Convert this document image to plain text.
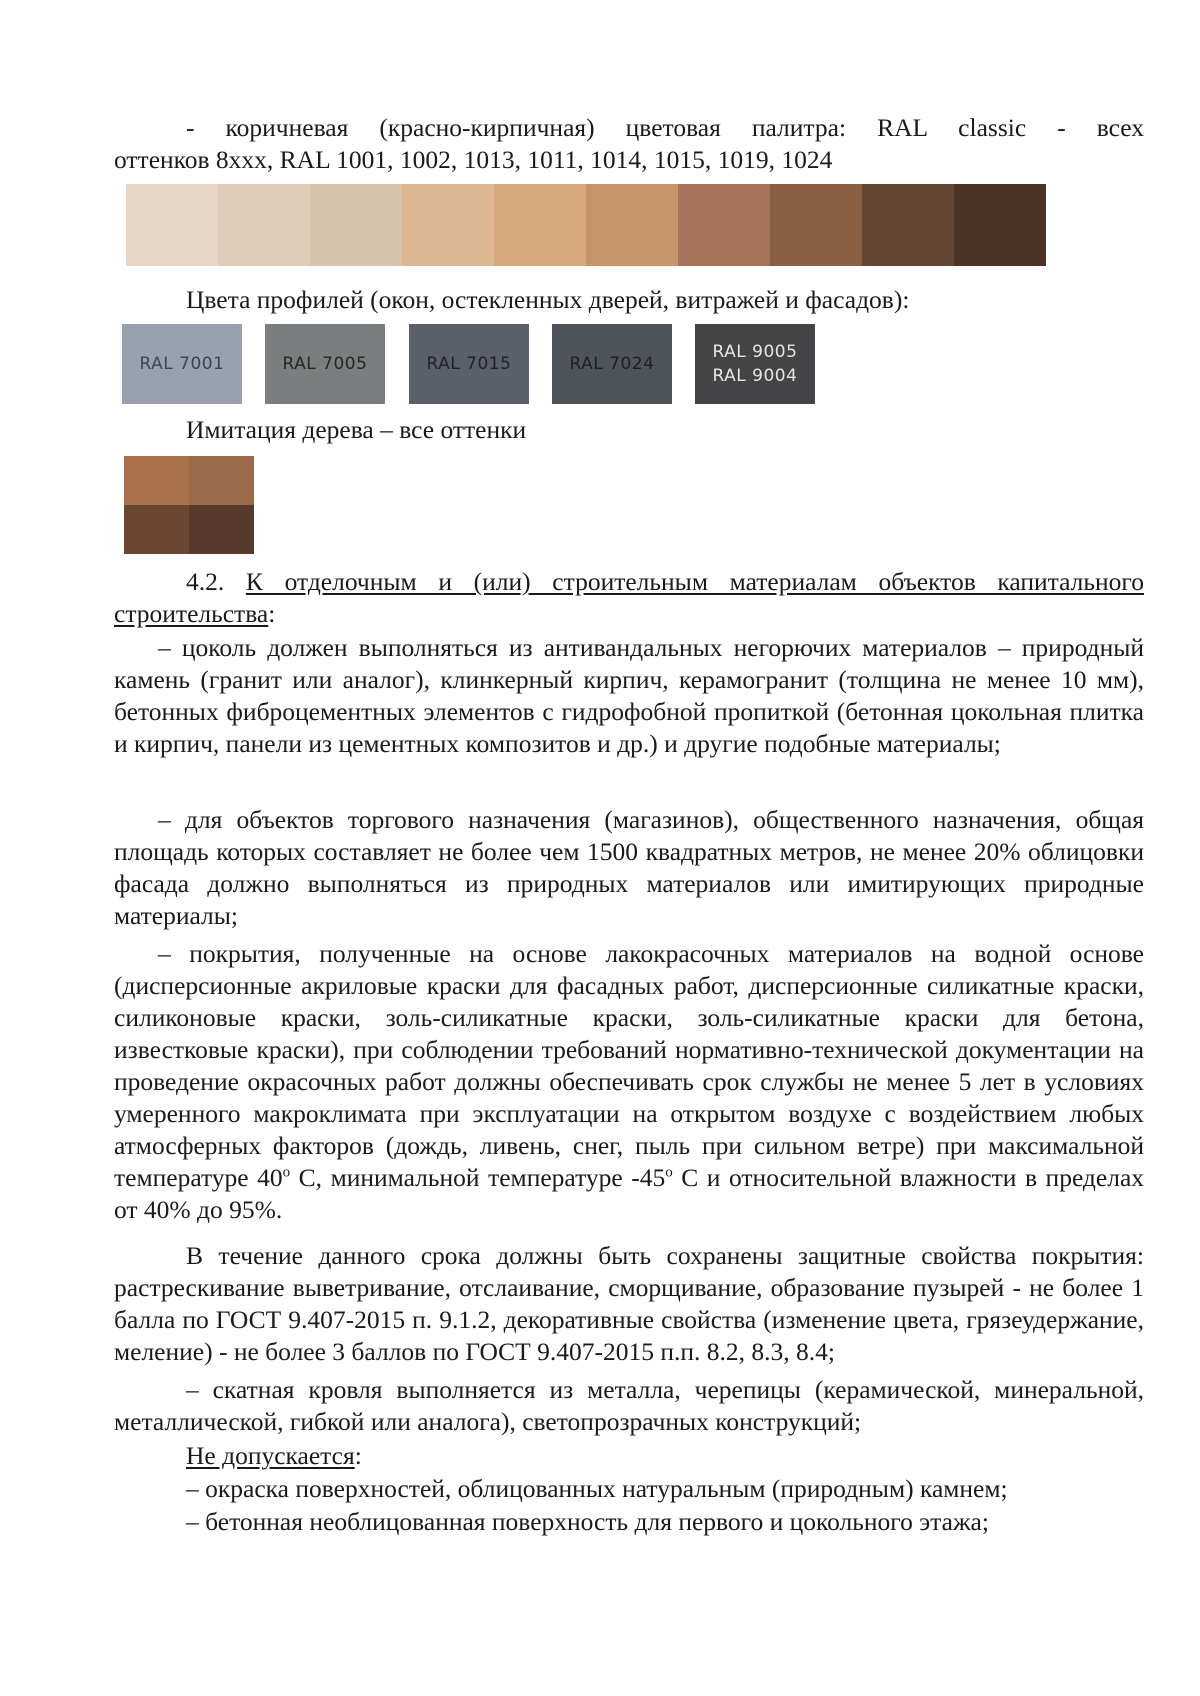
- коричневая (красно-кирпичная) цветовая палитра: RAL classic - всех
оттенков 8xxx, RAL 1001, 1002, 1013, 1011, 1014, 1015, 1019, 1024
Цвета профилей (окон, остекленных дверей, витражей и фасадов):
RAL 7001	RAL 7005	RAL 7015	RAL 7024
RAL 9005
RAL 9004
Имитация дерева – все оттенки
4.2. К отделочным и (или) строительным материалам объектов капитального
строительства:
– цоколь должен выполняться из антивандальных негорючих материалов – природный камень (гранит или аналог), клинкерный кирпич, керамогранит (толщина не менее 10 мм), бетонных фиброцементных элементов с гидрофобной пропиткой (бетонная цокольная плитка и кирпич, панели из цементных композитов и др.) и другие подобные материалы;
– для объектов торгового назначения (магазинов), общественного назначения, общая площадь которых составляет не более чем 1500 квадратных метров, не менее 20% облицовки фасада должно выполняться из природных материалов или имитирующих природные материалы;
– покрытия, полученные на основе лакокрасочных материалов на водной основе (дисперсионные акриловые краски для фасадных работ, дисперсионные силикатные краски, силиконовые краски, золь-силикатные краски, золь-силикатные краски для бетона, известковые краски), при соблюдении требований нормативно-технической документации на проведение окрасочных работ должны обеспечивать срок службы не менее 5 лет в условиях умеренного макроклимата при эксплуатации на открытом воздухе с воздействием любых атмосферных факторов (дождь, ливень, снег, пыль при сильном ветре) при максимальной температуре 40$^o$ С, минимальной температуре -45$^o$ С и относительной влажности в пределах от 40% до 95%.
В течение данного срока должны быть сохранены защитные свойства покрытия: растрескивание выветривание, отслаивание, сморщивание, образование пузырей - не более 1 балла по ГОСТ 9.407-2015 п. 9.1.2, декоративные свойства (изменение цвета, грязеудержание, меление) - не более 3 баллов по ГОСТ 9.407-2015 п.п. 8.2, 8.3, 8.4;
– скатная кровля выполняется из металла, черепицы (керамической, минеральной, металлической, гибкой или аналога), светопрозрачных конструкций;
Не допускается:
– окраска поверхностей, облицованных натуральным (природным) камнем;
– бетонная необлицованная поверхность для первого и цокольного этажа;
